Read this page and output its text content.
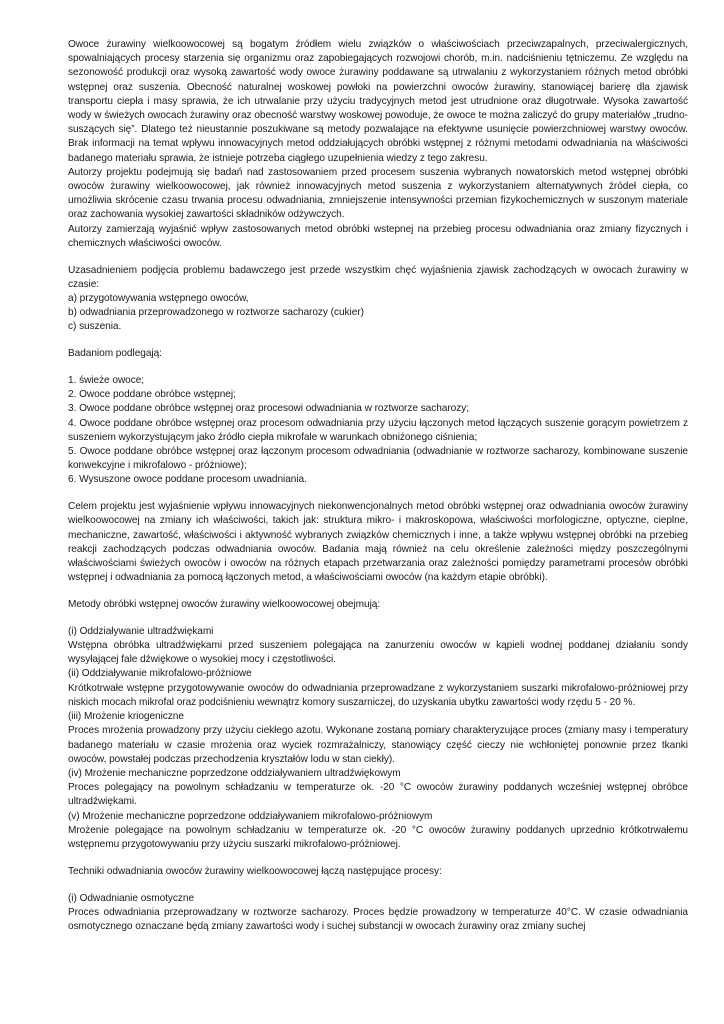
Owoce żurawiny wielkoowocowej są bogatym źródłem wielu związków o właściwościach przeciwzapalnych, przeciwalergicznych, spowalniających procesy starzenia się organizmu oraz zapobiegających rozwojowi chorób, m.in. nadciśnieniu tętniczemu. Ze względu na sezonowość produkcji oraz wysoką zawartość wody owoce żurawiny poddawane są utrwalaniu z wykorzystaniem różnych metod obróbki wstępnej oraz suszenia. Obecność naturalnej woskowej powłoki na powierzchni owoców żurawiny, stanowiącej barierę dla zjawisk transportu ciepła i masy sprawia, że ich utrwalanie przy użyciu tradycyjnych metod jest utrudnione oraz długotrwałe. Wysoka zawartość wody w świeżych owocach żurawiny oraz obecność warstwy woskowej powoduje, że owoce te można zaliczyć do grupy materiałów „trudno-suszących się”. Dlatego też nieustannie poszukiwane są metody pozwalające na efektywne usunięcie powierzchniowej warstwy owoców. Brak informacji na temat wpływu innowacyjnych metod oddziałujących obróbki wstępnej z różnymi metodami odwadniania na właściwości badanego materiału sprawia, że istnieje potrzeba ciągłego uzupełnienia wiedzy z tego zakresu.

Autorzy projektu podejmują się badań nad zastosowaniem przed procesem suszenia wybranych nowatorskich metod wstępnej obróbki owoców żurawiny wielkoowocowej, jak również innowacyjnych metod suszenia z wykorzystaniem alternatywnych źródeł ciepła, co umożliwia skrócenie czasu trwania procesu odwadniania, zmniejszenie intensywności przemian fizykochemicznych w suszonym materiale oraz zachowania wysokiej zawartości składników odżywczych.

Autorzy zamierzają wyjaśnić wpływ zastosowanych metod obróbki wstepnej na przebieg procesu odwadniania oraz zmiany fizycznych i chemicznych właściwości owoców.

Uzasadnieniem podjęcia problemu badawczego jest przede wszystkim chęć wyjaśnienia zjawisk zachodzących w owocach żurawiny w czasie:

a) przygotowywania wstępnego owoców,

b) odwadniania przeprowadzonego w roztworze sacharozy (cukier)

c) suszenia.

Badaniom podlegają:

1. świeże owoce;

2. Owoce poddane obróbce wstępnej;

3. Owoce poddane obróbce wstępnej oraz procesowi odwadniania w roztworze sacharozy;

4. Owoce poddane obróbce wstępnej oraz procesom odwadniania przy użyciu łączonych metod łączących suszenie gorącym powietrzem z suszeniem wykorzystującym jako źródło ciepła mikrofale w warunkach obniżonego ciśnienia;

5. Owoce poddane obróbce wstępnej oraz łączonym procesom odwadniania (odwadnianie w roztworze sacharozy, kombinowane suszenie konwekcyjne i mikrofalowo - próżniowe);

6. Wysuszone owoce poddane procesom uwadniania.

Celem projektu jest wyjaśnienie wpływu innowacyjnych niekonwencjonalnych metod obróbki wstępnej oraz odwadniania owoców żurawiny wielkoowocowej na zmiany ich właściwości, takich jak: struktura mikro- i makroskopowa, właściwości morfologiczne, optyczne, cieplne, mechaniczne, zawartość, właściwości i aktywność wybranych związków chemicznych i inne, a także wpływu wstępnej obróbki na przebieg reakcji zachodzących podczas odwadniania owoców. Badania mają również na celu określenie zależności między poszczególnymi właściwościami świeżych owoców i owoców na różnych etapach przetwarzania oraz zależności pomiędzy parametrami procesów obróbki wstępnej i odwadniania za pomocą łączonych metod, a właściwościami owoców (na każdym etapie obróbki).

Metody obróbki wstępnej owoców żurawiny wielkoowocowej obejmują:

(i) Oddziaływanie ultradźwiękami

Wstępna obróbka ultradźwiękami przed suszeniem polegająca na zanurzeniu owoców w kąpieli wodnej poddanej działaniu sondy wysyłającej fale dźwiękowe o wysokiej mocy i częstotliwości.

(ii) Oddziaływanie mikrofalowo-próżniowe

Krótkotrwałe wstępne przygotowywanie owoców do odwadniania przeprowadzane z wykorzystaniem suszarki mikrofalowo-próżniowej przy niskich mocach mikrofal oraz podciśnieniu wewnątrz komory suszarniczej, do uzyskania ubytku zawartości wody rzędu 5 - 20 %.

(iii) Mrożenie kriogeniczne

Proces mrożenia prowadzony przy użyciu ciekłego azotu. Wykonane zostaną pomiary charakteryzujące proces (zmiany masy i temperatury badanego materiału w czasie mrożenia oraz wyciek rozmrażalniczy, stanowiący część cieczy nie wchłoniętej ponownie przez tkanki owoców, powstałej podczas przechodzenia kryształów lodu w stan ciekły).

(iv) Mrożenie mechaniczne poprzedzone oddziaływaniem ultradźwiękowym

Proces polegający na powolnym schładzaniu w temperaturze ok. -20 °C owoców żurawiny poddanych wcześniej wstępnej obróbce ultradźwiękami.

(v) Mrożenie mechaniczne poprzedzone oddziaływaniem mikrofalowo-próżniowym

Mrożenie polegające na powolnym schładzaniu w temperaturze ok. -20 °C owoców żurawiny poddanych uprzednio krótkotrwałemu wstępnemu przygotowywaniu przy użyciu suszarki mikrofalowo-próżniowej.

Techniki odwadniania owoców żurawiny wielkoowocowej łączą następujące procesy:

(i) Odwadnianie osmotyczne

Proces odwadniania przeprowadzany w roztworze sacharozy. Proces będzie prowadzony w temperaturze 40°C. W czasie odwadniania osmotycznego oznaczane będą zmiany zawartości wody i suchej substancji w owocach żurawiny oraz zmiany suchej
